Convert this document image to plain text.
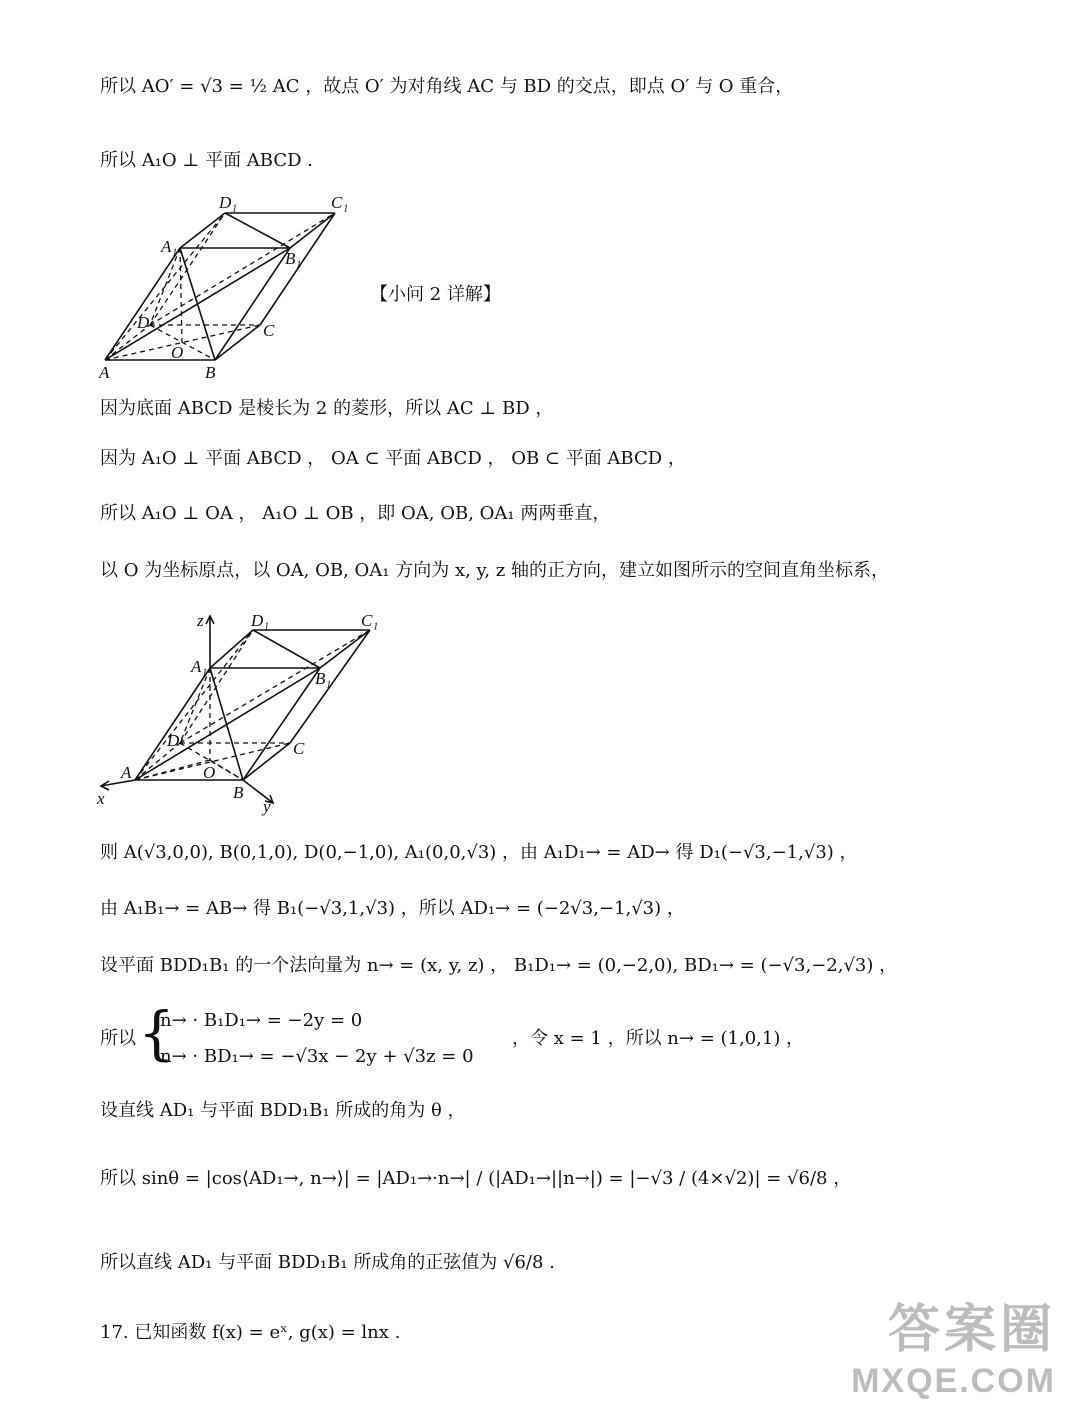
所以 AO′ = √3 = ½ AC ，故点 O′ 为对角线 AC 与 BD 的交点，即点 O′ 与 O 重合，
所以 A₁O ⊥ 平面 ABCD .
D₁	C₁
A₁
B₁
D	C
O
A	B
【小问 2 详解】
因为底面 ABCD 是棱长为 2 的菱形，所以 AC ⊥ BD ，
因为 A₁O ⊥ 平面 ABCD ， OA ⊂ 平面 ABCD ， OB ⊂ 平面 ABCD ，
所以 A₁O ⊥ OA ， A₁O ⊥ OB ，即 OA, OB, OA₁ 两两垂直，
以 O 为坐标原点，以 OA, OB, OA₁ 方向为 x, y, z 轴的正方向，建立如图所示的空间直角坐标系，
z	D₁	C₁
A₁
B₁
D	C
O
A
B
x	y
则 A(√3,0,0), B(0,1,0), D(0,−1,0), A₁(0,0,√3) ，由 A₁D₁→ = AD→ 得 D₁(−√3,−1,√3) ，
由 A₁B₁→ = AB→ 得 B₁(−√3,1,√3) ，所以 AD₁→ = (−2√3,−1,√3) ，
设平面 BDD₁B₁ 的一个法向量为 n→ = (x, y, z) ， B₁D₁→ = (0,−2,0), BD₁→ = (−√3,−2,√3) ，
所以 {
n→ · B₁D₁→ = −2y = 0
n→ · BD₁→ = −√3x − 2y + √3z = 0
，令 x = 1 ，所以 n→ = (1,0,1) ，
设直线 AD₁ 与平面 BDD₁B₁ 所成的角为 θ ，
所以 sinθ = |cos⟨AD₁→, n→⟩| = |AD₁→·n→| / (|AD₁→||n→|) = |−√3 / (4×√2)| = √6/8 ，
所以直线 AD₁ 与平面 BDD₁B₁ 所成角的正弦值为 √6/8 .
17. 已知函数 f(x) = eˣ, g(x) = lnx .	答案圈
MXQE.COM
